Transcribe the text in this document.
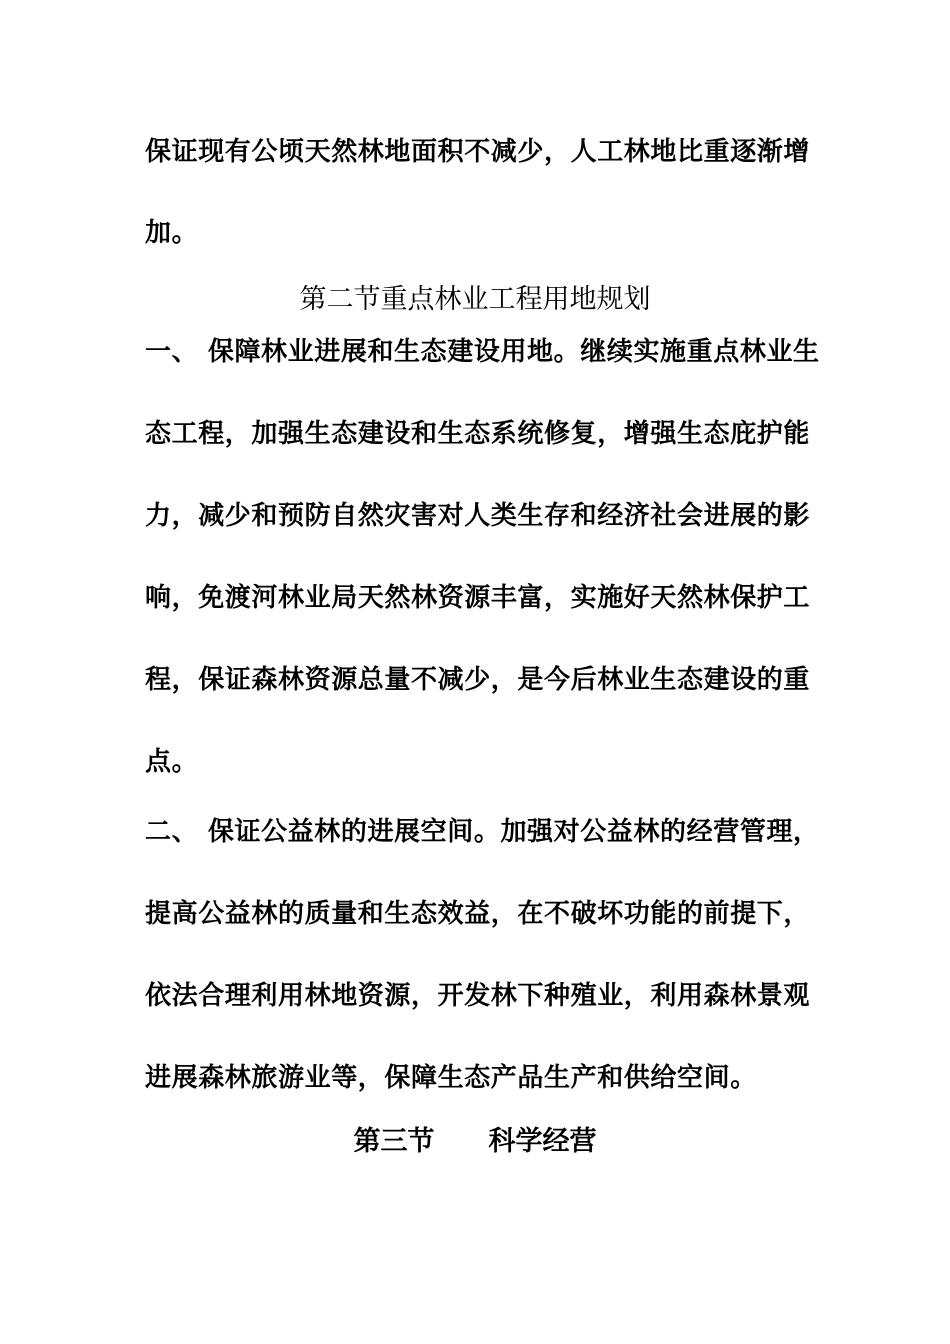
保证现有公顷天然林地面积不减少，人工林地比重逐渐增
加。
第二节重点林业工程用地规划
一、 保障林业进展和生态建设用地。继续实施重点林业生
态工程，加强生态建设和生态系统修复，增强生态庇护能
力，减少和预防自然灾害对人类生存和经济社会进展的影
响，免渡河林业局天然林资源丰富，实施好天然林保护工
程，保证森林资源总量不减少，是今后林业生态建设的重
点。
二、 保证公益林的进展空间。加强对公益林的经营管理，
提高公益林的质量和生态效益，在不破坏功能的前提下，
依法合理利用林地资源，开发林下种殖业，利用森林景观
进展森林旅游业等，保障生态产品生产和供给空间。
第三节　　科学经营
